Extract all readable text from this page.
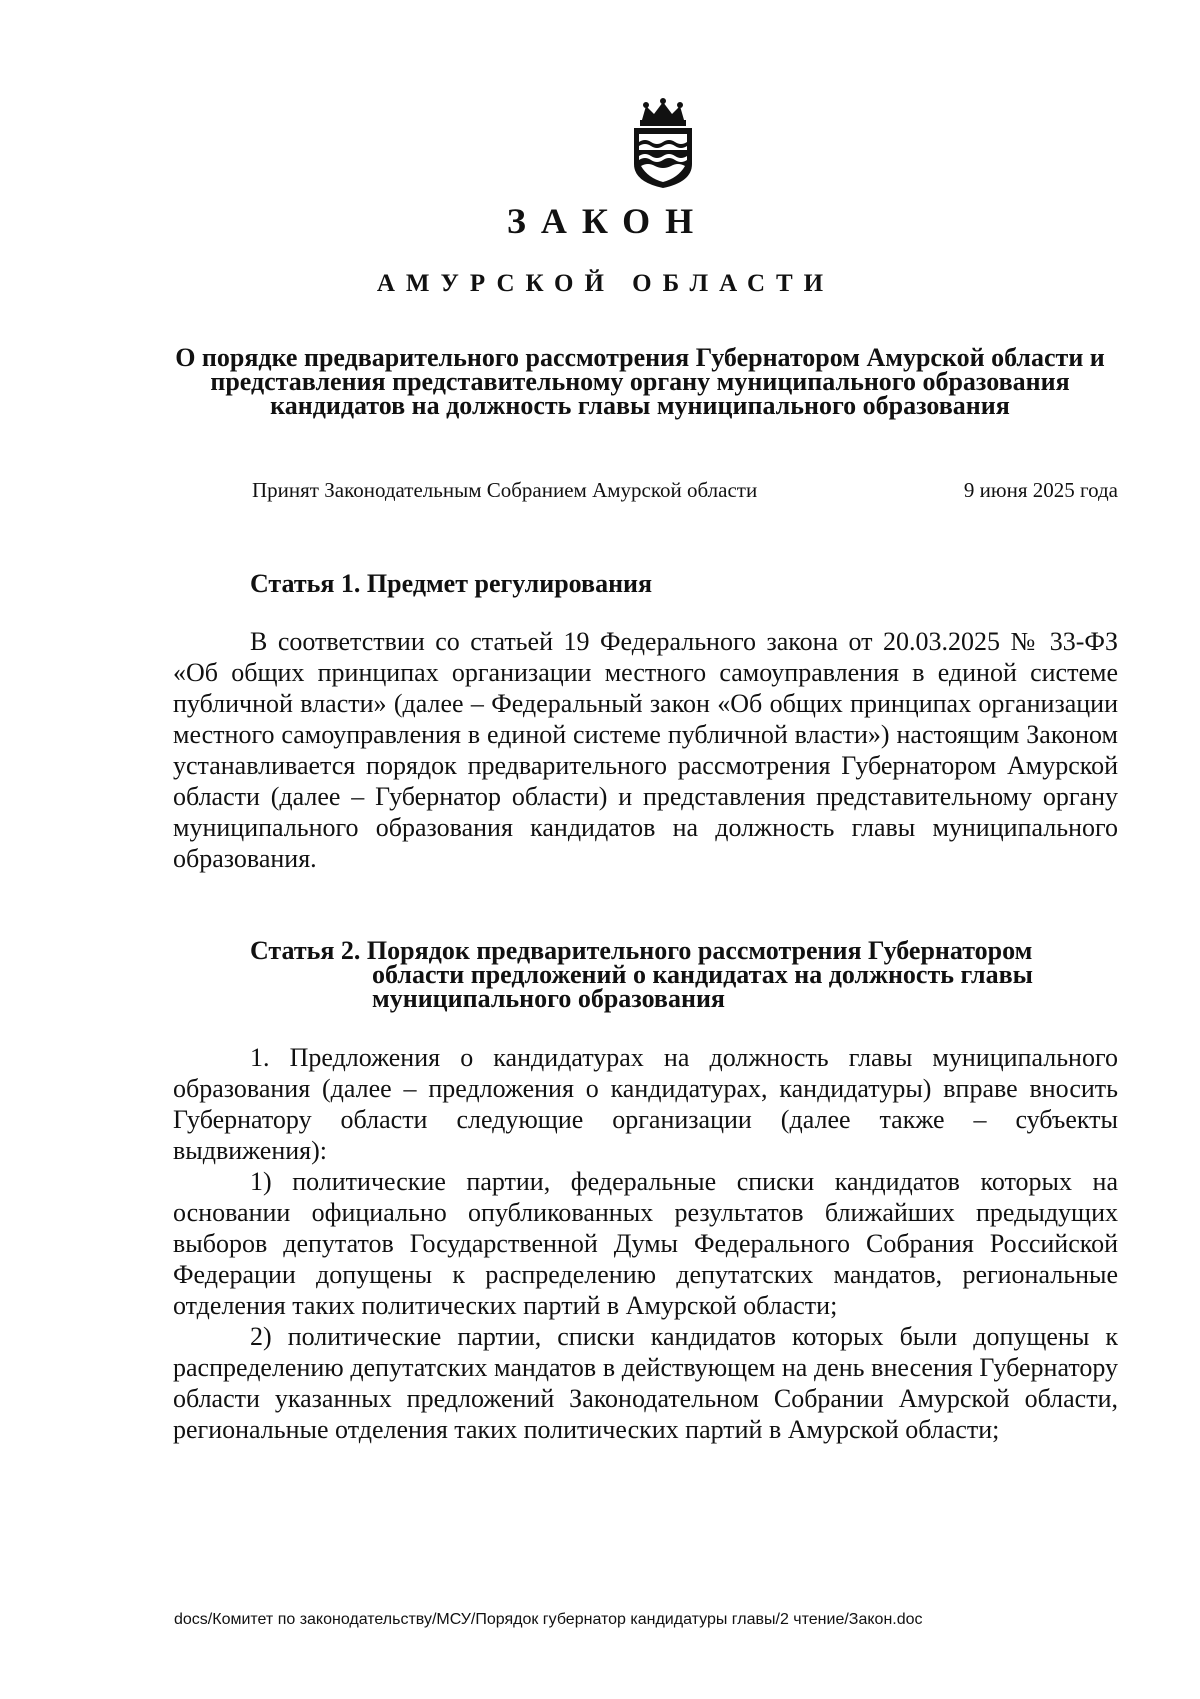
ЗАКОН
АМУРСКОЙ ОБЛАСТИ
О порядке предварительного рассмотрения Губернатором Амурской области и представления представительному органу муниципального образования кандидатов на должность главы муниципального образования
Принят Законодательным Собранием Амурской области	9 июня 2025 года
Статья 1. Предмет регулирования

В соответствии со статьей 19 Федерального закона от 20.03.2025 № 33-ФЗ «Об общих принципах организации местного самоуправления в единой системе публичной власти» (далее – Федеральный закон «Об общих принципах организации местного самоуправления в единой системе публичной власти») настоящим Законом устанавливается порядок предварительного рассмотрения Губернатором Амурской области (далее – Губернатор области) и представления представительному органу муниципального образования кандидатов на должность главы муниципального образования.

Статья 2. Порядок предварительного рассмотрения Губернатором
области предложений о кандидатах на должность главы муниципального образования

1. Предложения о кандидатурах на должность главы муниципального образования (далее – предложения о кандидатурах, кандидатуры) вправе вносить Губернатору области следующие организации (далее также – субъекты выдвижения):

1) политические партии, федеральные списки кандидатов которых на основании официально опубликованных результатов ближайших предыдущих выборов депутатов Государственной Думы Федерального Собрания Российской Федерации допущены к распределению депутатских мандатов, региональные отделения таких политических партий в Амурской области;

2) политические партии, списки кандидатов которых были допущены к распределению депутатских мандатов в действующем на день внесения Губернатору области указанных предложений Законодательном Собрании Амурской области, региональные отделения таких политических партий в Амурской области;

docs/Комитет по законодательству/МСУ/Порядок губернатор кандидатуры главы/2 чтение/Закон.doc
